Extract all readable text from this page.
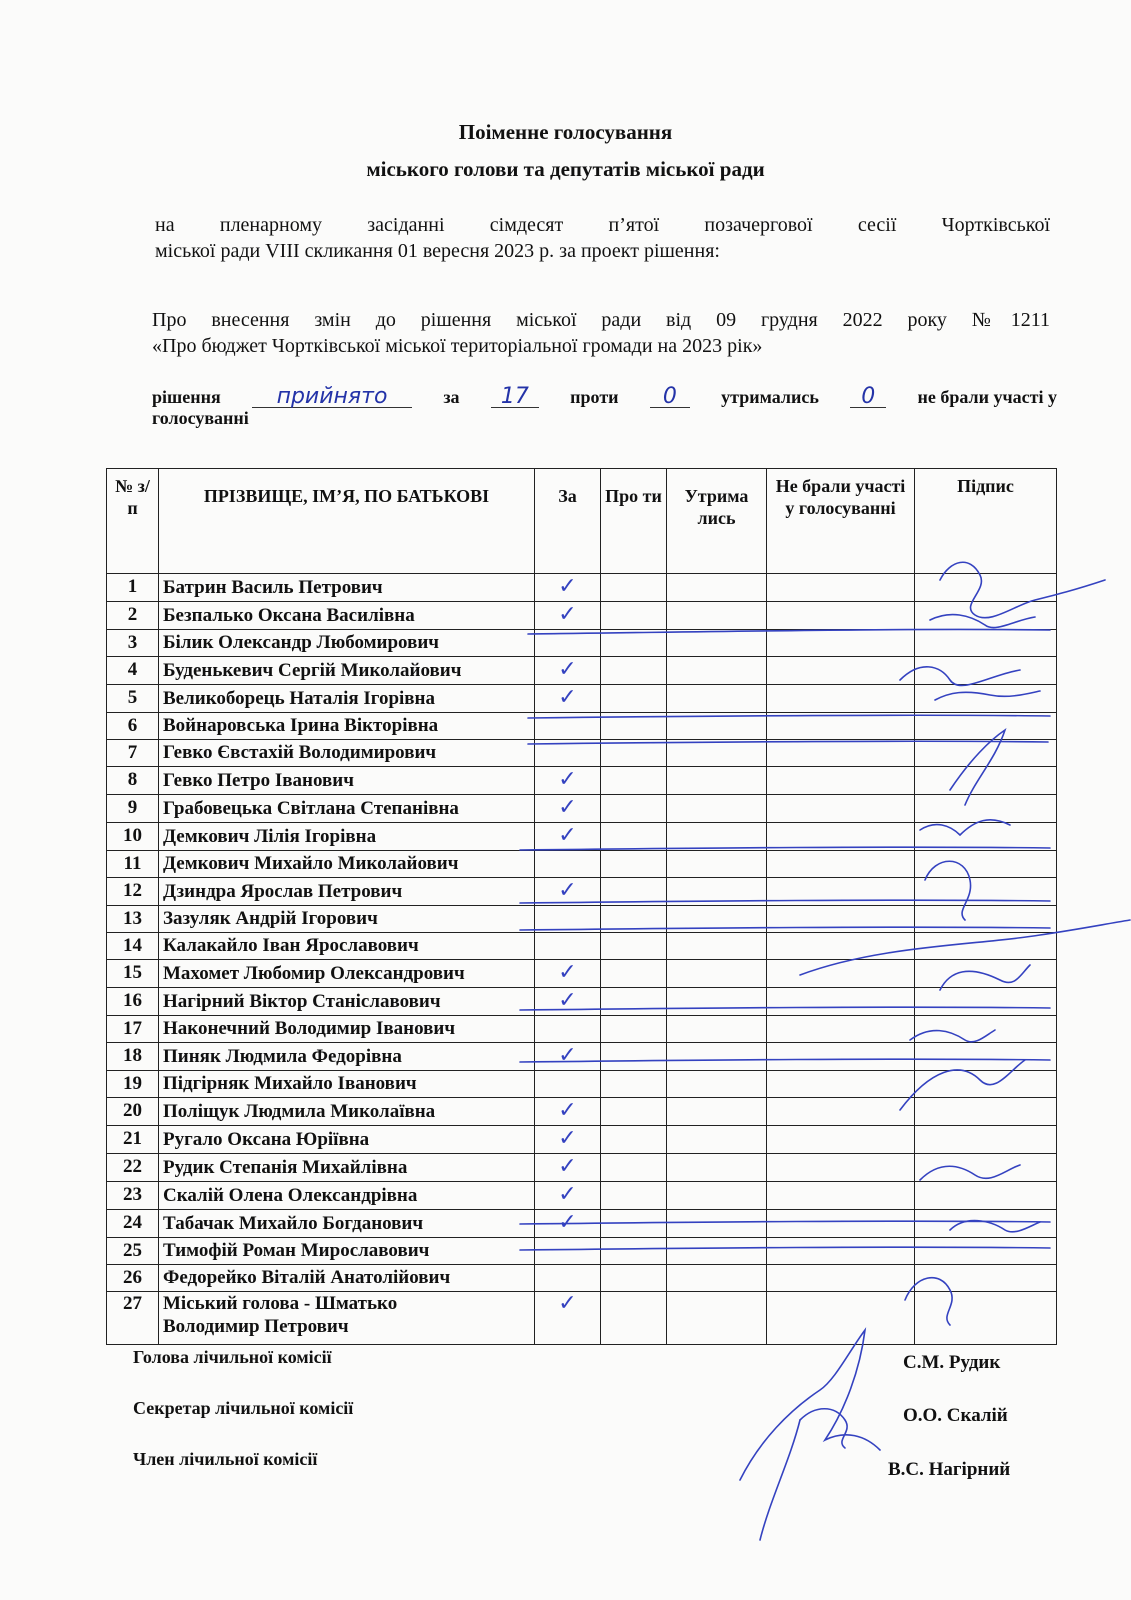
Поіменне голосування
міського голови та депутатів міської ради
на пленарному засіданні сімдесят п’ятої позачергової сесії Чортківської
міської ради VIII скликання 01 вересня 2023 р. за проект рішення:
Про внесення змін до рішення міської ради від 09 грудня 2022 року №1211
«Про бюджет Чортківської міської територіальної громади на 2023 рік»
рішення	прийнято	за	17	проти	0	утримались	0	не брали участі у
голосуванні
№ з/п	ПРІЗВИЩЕ, ІМ’Я, ПО БАТЬКОВІ	За	Про ти	Утрима лись	Не брали участі у голосуванні	Підпис
1	Батрин Василь Петрович	✓				
2	Безпалько Оксана Василівна	✓				
3	Білик Олександр Любомирович					
4	Буденькевич Сергій Миколайович	✓				
5	Великоборець Наталія Ігорівна	✓				
6	Войнаровська Ірина Вікторівна					
7	Гевко Євстахій Володимирович					
8	Гевко Петро Іванович	✓				
9	Грабовецька Світлана Степанівна	✓				
10	Демкович Лілія Ігорівна	✓				
11	Демкович Михайло Миколайович					
12	Дзиндра Ярослав Петрович	✓				
13	Зазуляк Андрій Ігорович					
14	Калакайло Іван Ярославович					
15	Махомет Любомир Олександрович	✓				
16	Нагірний Віктор Станіславович	✓				
17	Наконечний Володимир Іванович					
18	Пиняк Людмила Федорівна	✓				
19	Підгірняк Михайло Іванович					
20	Поліщук Людмила Миколаївна	✓				
21	Ругало Оксана Юріївна	✓				
22	Рудик Степанія Михайлівна	✓				
23	Скалій Олена Олександрівна	✓				
24	Табачак Михайло Богданович	✓				
25	Тимофій Роман Мирославович					
26	Федорейко Віталій Анатолійович					
27	Міський голова - Шматько
Володимир Петрович	✓				
Голова лічильної комісії	С.М. Рудик
Секретар лічильної комісії	О.О. Скалій
Член лічильної комісії	В.С. Нагірний
